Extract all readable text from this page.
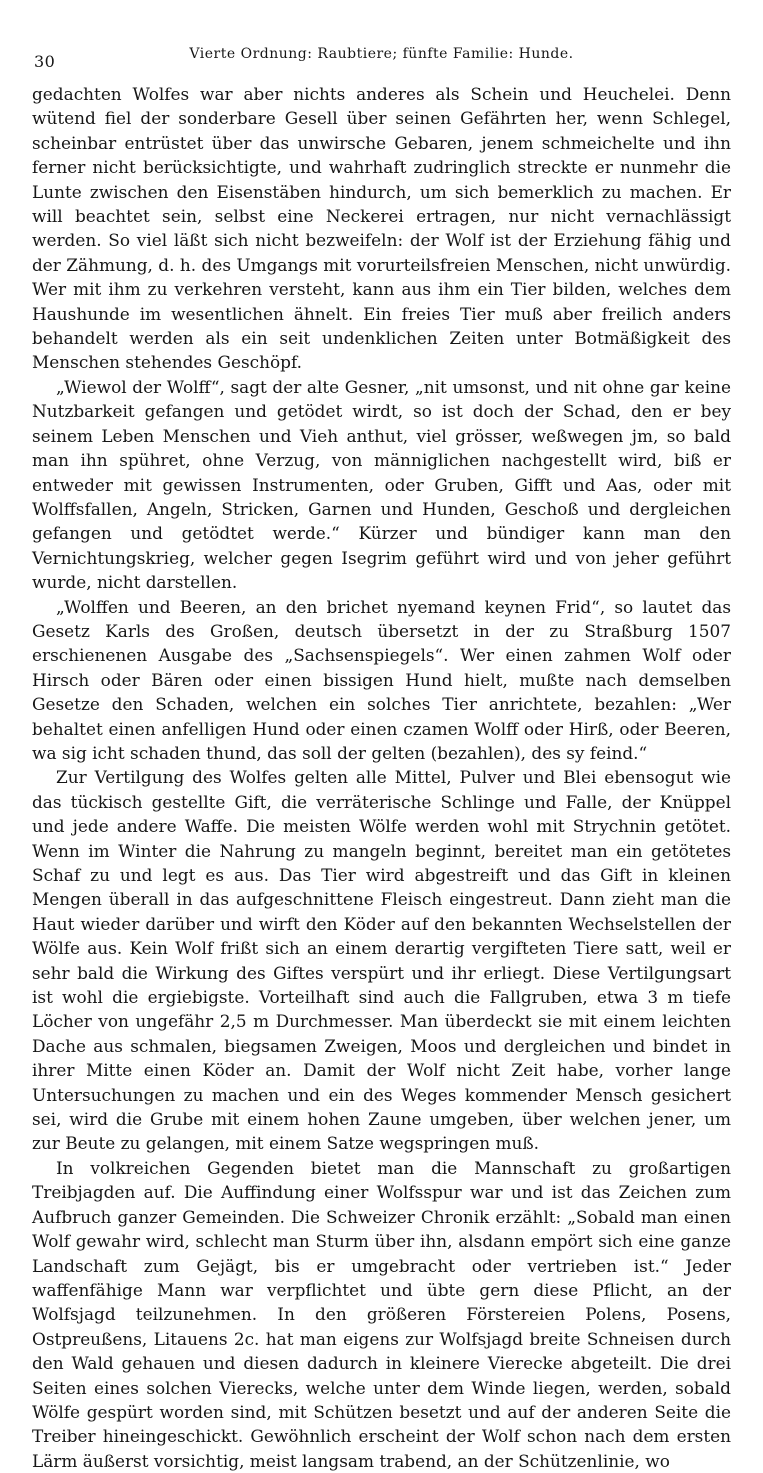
30	Vierte Ordnung: Raubtiere; fünfte Familie: Hunde.

gedachten Wolfes war aber nichts anderes als Schein und Heuchelei. Denn wütend fiel der sonderbare Gesell über seinen Gefährten her, wenn Schlegel, scheinbar entrüstet über das unwirsche Gebaren, jenem schmeichelte und ihn ferner nicht berücksichtigte, und wahrhaft zudringlich streckte er nunmehr die Lunte zwischen den Eisenstäben hindurch, um sich bemerklich zu machen. Er will beachtet sein, selbst eine Neckerei ertragen, nur nicht vernachlässigt werden. So viel läßt sich nicht bezweifeln: der Wolf ist der Erziehung fähig und der Zähmung, d. h. des Umgangs mit vorurteilsfreien Menschen, nicht unwürdig. Wer mit ihm zu verkehren versteht, kann aus ihm ein Tier bilden, welches dem Haushunde im wesentlichen ähnelt. Ein freies Tier muß aber freilich anders behandelt werden als ein seit undenklichen Zeiten unter Botmäßigkeit des Menschen stehendes Geschöpf.

„Wiewol der Wolff“, sagt der alte Gesner, „nit umsonst, und nit ohne gar keine Nutzbarkeit gefangen und getödet wirdt, so ist doch der Schad, den er bey seinem Leben Menschen und Vieh anthut, viel grösser, weßwegen jm, so bald man ihn spühret, ohne Verzug, von männiglichen nachgestellt wird, biß er entweder mit gewissen Instrumenten, oder Gruben, Gifft und Aas, oder mit Wolffsfallen, Angeln, Stricken, Garnen und Hunden, Geschoß und dergleichen gefangen und getödtet werde.“ Kürzer und bündiger kann man den Vernichtungskrieg, welcher gegen Isegrim geführt wird und von jeher geführt wurde, nicht darstellen.

„Wolffen und Beeren, an den brichet nyemand keynen Frid“, so lautet das Gesetz Karls des Großen, deutsch übersetzt in der zu Straßburg 1507 erschienenen Ausgabe des „Sachsenspiegels“. Wer einen zahmen Wolf oder Hirsch oder Bären oder einen bissigen Hund hielt, mußte nach demselben Gesetze den Schaden, welchen ein solches Tier anrichtete, bezahlen: „Wer behaltet einen anfelligen Hund oder einen czamen Wolff oder Hirß, oder Beeren, wa sig icht schaden thund, das soll der gelten (bezahlen), des sy feind.“

Zur Vertilgung des Wolfes gelten alle Mittel, Pulver und Blei ebensogut wie das tückisch gestellte Gift, die verräterische Schlinge und Falle, der Knüppel und jede andere Waffe. Die meisten Wölfe werden wohl mit Strychnin getötet. Wenn im Winter die Nahrung zu mangeln beginnt, bereitet man ein getötetes Schaf zu und legt es aus. Das Tier wird abgestreift und das Gift in kleinen Mengen überall in das aufgeschnittene Fleisch eingestreut. Dann zieht man die Haut wieder darüber und wirft den Köder auf den bekannten Wechselstellen der Wölfe aus. Kein Wolf frißt sich an einem derartig vergifteten Tiere satt, weil er sehr bald die Wirkung des Giftes verspürt und ihr erliegt. Diese Vertilgungsart ist wohl die ergiebigste. Vorteilhaft sind auch die Fallgruben, etwa 3 m tiefe Löcher von ungefähr 2,5 m Durchmesser. Man überdeckt sie mit einem leichten Dache aus schmalen, biegsamen Zweigen, Moos und dergleichen und bindet in ihrer Mitte einen Köder an. Damit der Wolf nicht Zeit habe, vorher lange Untersuchungen zu machen und ein des Weges kommender Mensch gesichert sei, wird die Grube mit einem hohen Zaune umgeben, über welchen jener, um zur Beute zu gelangen, mit einem Satze wegspringen muß.

In volkreichen Gegenden bietet man die Mannschaft zu großartigen Treibjagden auf. Die Auffindung einer Wolfsspur war und ist das Zeichen zum Aufbruch ganzer Gemeinden. Die Schweizer Chronik erzählt: „Sobald man einen Wolf gewahr wird, schlecht man Sturm über ihn, alsdann empört sich eine ganze Landschaft zum Gejägt, bis er umgebracht oder vertrieben ist.“ Jeder waffenfähige Mann war verpflichtet und übte gern diese Pflicht, an der Wolfsjagd teilzunehmen. In den größeren Förstereien Polens, Posens, Ostpreußens, Litauens 2c. hat man eigens zur Wolfsjagd breite Schneisen durch den Wald gehauen und diesen dadurch in kleinere Vierecke abgeteilt. Die drei Seiten eines solchen Vierecks, welche unter dem Winde liegen, werden, sobald Wölfe gespürt worden sind, mit Schützen besetzt und auf der anderen Seite die Treiber hineingeschickt. Gewöhnlich erscheint der Wolf schon nach dem ersten Lärm äußerst vorsichtig, meist langsam trabend, an der Schützenlinie, wo
